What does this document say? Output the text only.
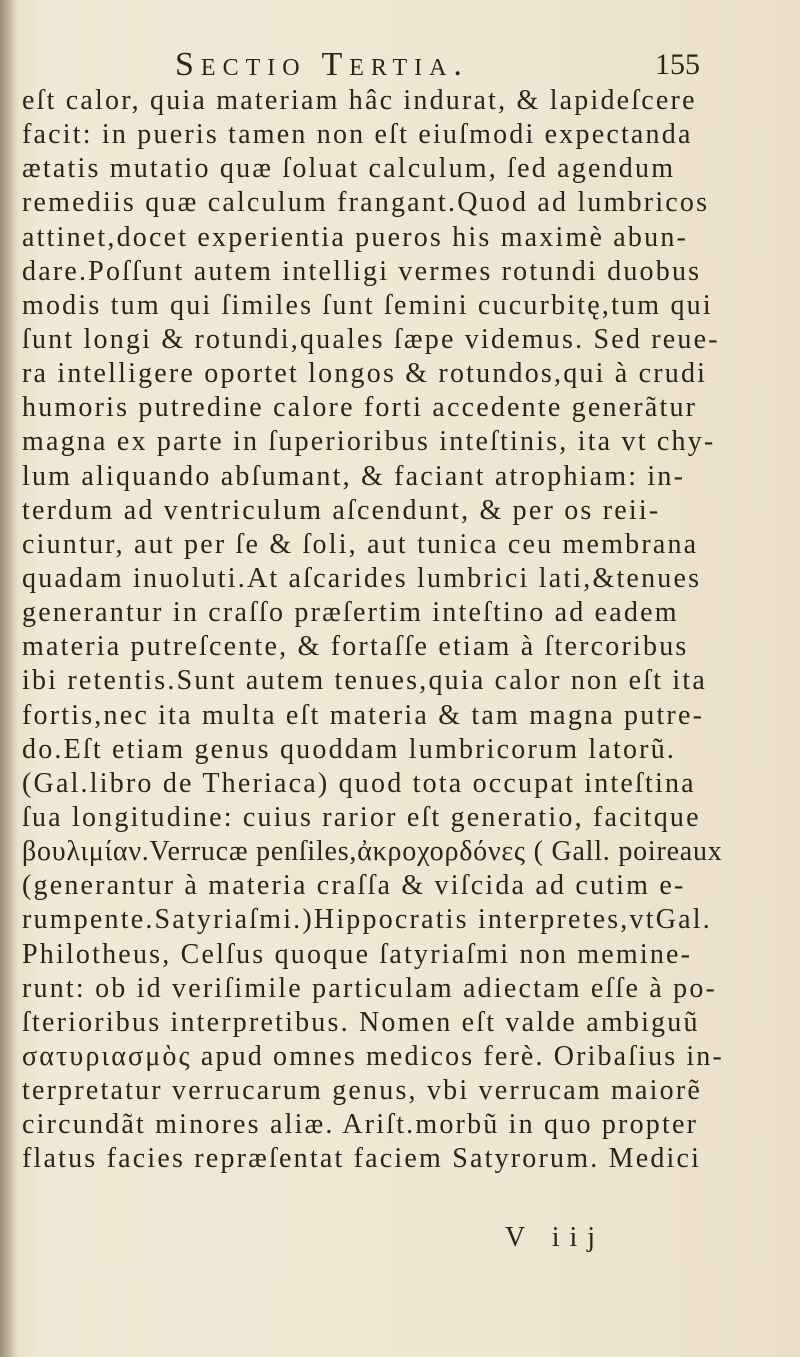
Sectio Tertia.	155
eſt calor, quia materiam hâc indurat, & lapideſcere
facit: in pueris tamen non eſt eiuſmodi expectanda
ætatis mutatio quæ ſoluat calculum, ſed agendum
remediis quæ calculum frangant.Quod ad lumbricos
attinet,docet experientia pueros his maximè abun-
dare.Poſſunt autem intelligi vermes rotundi duobus
modis tum qui ſimiles ſunt ſemini cucurbitę,tum qui
ſunt longi & rotundi,quales ſæpe videmus. Sed reue-
ra intelligere oportet longos & rotundos,qui à crudi
humoris putredine calore forti accedente generãtur
magna ex parte in ſuperioribus inteſtinis, ita vt chy-
lum aliquando abſumant, & faciant atrophiam: in-
terdum ad ventriculum aſcendunt, & per os reii-
ciuntur, aut per ſe & ſoli, aut tunica ceu membrana
quadam inuoluti.At aſcarides lumbrici lati,&tenues
generantur in craſſo præſertim inteſtino ad eadem
materia putreſcente, & fortaſſe etiam à ſtercoribus
ibi retentis.Sunt autem tenues,quia calor non eſt ita
fortis,nec ita multa eſt materia & tam magna putre-
do.Eſt etiam genus quoddam lumbricorum latorũ.
(Gal.libro de Theriaca) quod tota occupat inteſtina
ſua longitudine: cuius rarior eſt generatio, facitque
βουλιμίαν.Verrucæ penſiles,ἀκροχορδόνες ( Gall. poireaux
(generantur à materia craſſa & viſcida ad cutim e-
rumpente.Satyriaſmi.)Hippocratis interpretes,vtGal.
Philotheus, Celſus quoque ſatyriaſmi non memine-
runt: ob id veriſimile particulam adiectam eſſe à po-
ſterioribus interpretibus. Nomen eſt valde ambiguũ
σατυριασμὸς apud omnes medicos ferè. Oribaſius in-
terpretatur verrucarum genus, vbi verrucam maiorẽ
circundãt minores aliæ. Ariſt.morbũ in quo propter
flatus facies repræſentat faciem Satyrorum. Medici
V iij
